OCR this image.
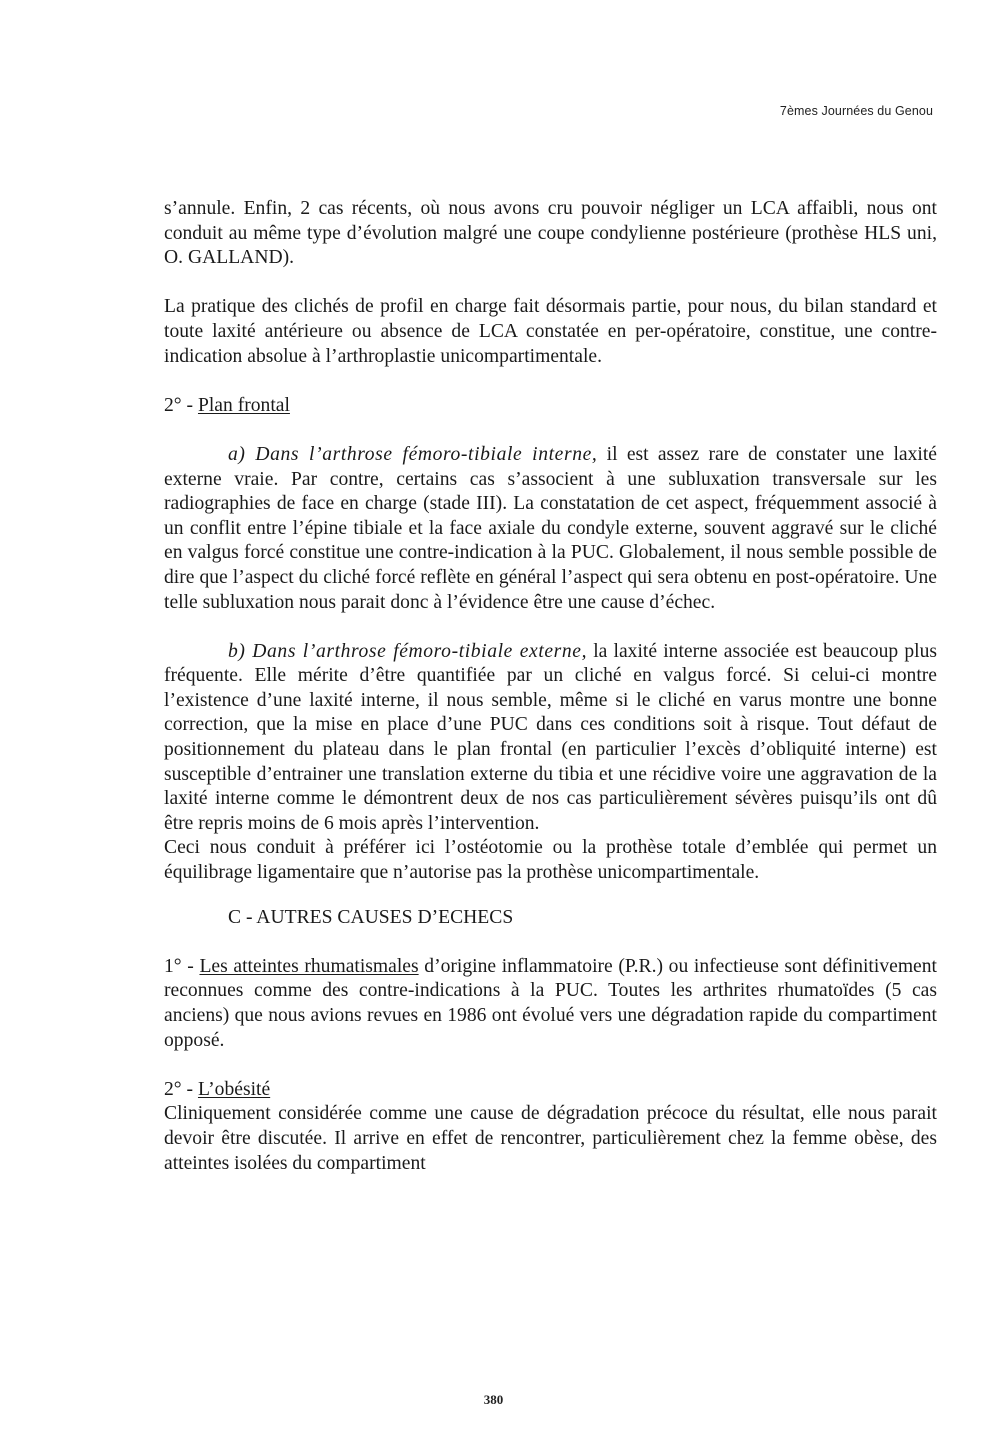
7èmes Journées du Genou

s’annule. Enfin, 2 cas récents, où nous avons cru pouvoir négliger un LCA affaibli, nous ont conduit au même type d’évolution malgré une coupe condylienne postérieure (prothèse HLS uni, O. GALLAND).

La pratique des clichés de profil en charge fait désormais partie, pour nous, du bilan standard et toute laxité antérieure ou absence de LCA constatée en per-opératoire, constitue, une contre-indication absolue à l’arthroplastie unicompartimentale.

2° - Plan frontal

a) Dans l’arthrose fémoro-tibiale interne, il est assez rare de constater une laxité externe vraie. Par contre, certains cas s’associent à une subluxation transversale sur les radiographies de face en charge (stade III). La constatation de cet aspect, fréquemment associé à un conflit entre l’épine tibiale et la face axiale du condyle externe, souvent aggravé sur le cliché en valgus forcé constitue une contre-indication à la PUC. Globalement, il nous semble possible de dire que l’aspect du cliché forcé reflète en général l’aspect qui sera obtenu en post-opératoire. Une telle subluxation nous parait donc à l’évidence être une cause d’échec.

b) Dans l’arthrose fémoro-tibiale externe, la laxité interne associée est beaucoup plus fréquente. Elle mérite d’être quantifiée par un cliché en valgus forcé. Si celui-ci montre l’existence d’une laxité interne, il nous semble, même si le cliché en varus montre une bonne correction, que la mise en place d’une PUC dans ces conditions soit à risque. Tout défaut de positionnement du plateau dans le plan frontal (en particulier l’excès d’obliquité interne) est susceptible d’entrainer une translation externe du tibia et une récidive voire une aggravation de la laxité interne comme le démontrent deux de nos cas particulièrement sévères puisqu’ils ont dû être repris moins de 6 mois après l’intervention.

Ceci nous conduit à préférer ici l’ostéotomie ou la prothèse totale d’emblée qui permet un équilibrage ligamentaire que n’autorise pas la prothèse unicompartimentale.

C - AUTRES CAUSES D’ECHECS

1° - Les atteintes rhumatismales d’origine inflammatoire (P.R.) ou infectieuse sont définitivement reconnues comme des contre-indications à la PUC. Toutes les arthrites rhumatoïdes (5 cas anciens) que nous avions revues en 1986 ont évolué vers une dégradation rapide du compartiment opposé.

2° - L’obésité

Cliniquement considérée comme une cause de dégradation précoce du résultat, elle nous parait devoir être discutée. Il arrive en effet de rencontrer, particulièrement chez la femme obèse, des atteintes isolées du compartiment

380
